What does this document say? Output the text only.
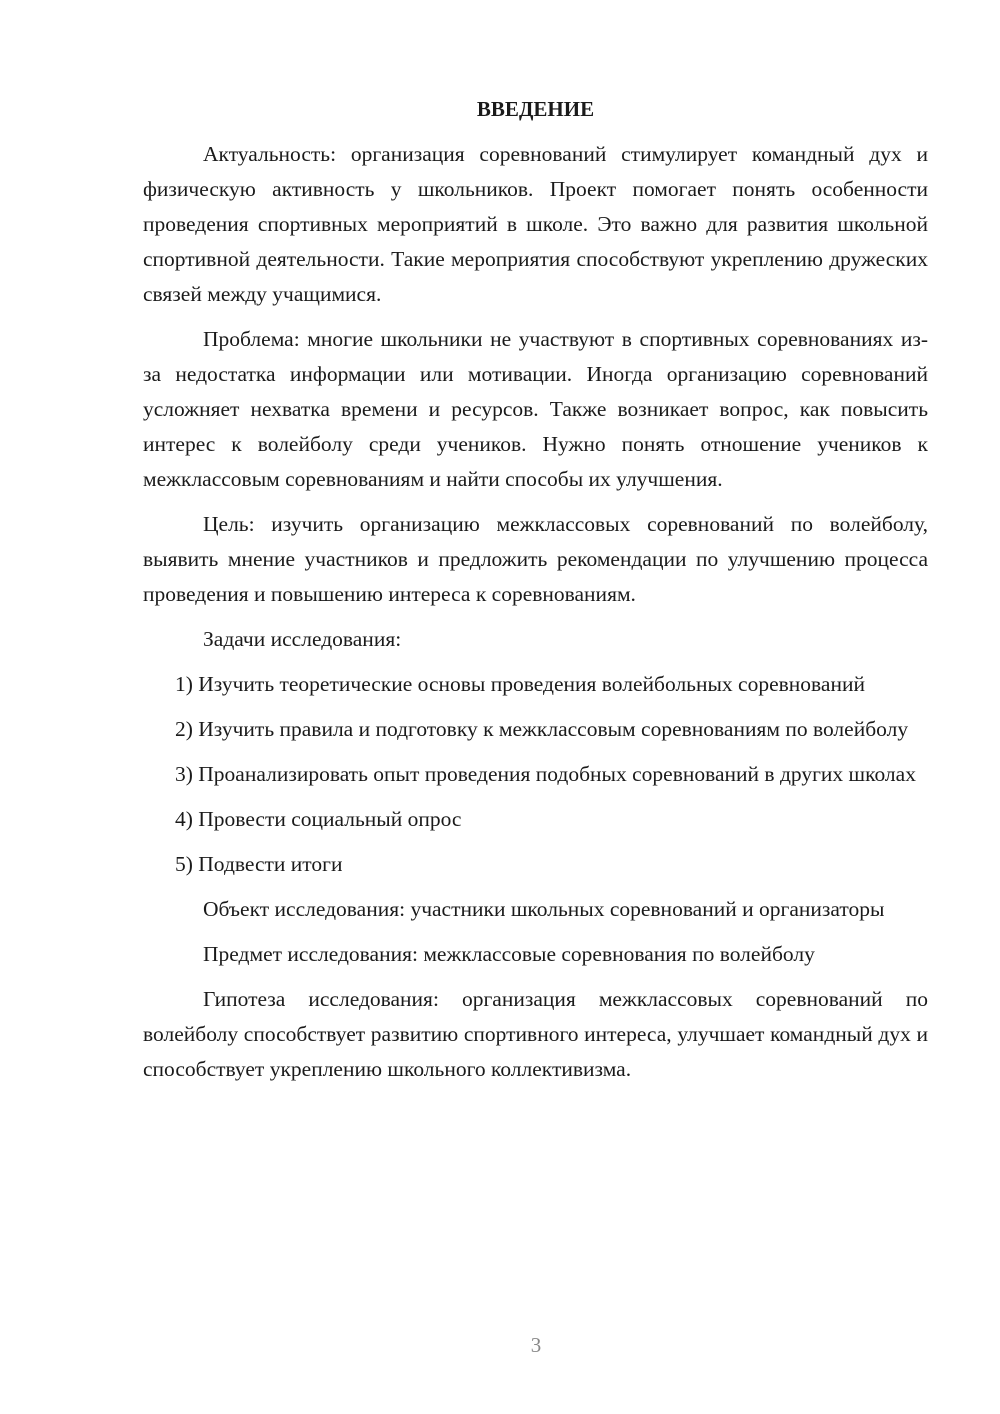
ВВЕДЕНИЕ

Актуальность: организация соревнований стимулирует командный дух и физическую активность у школьников. Проект помогает понять особенности проведения спортивных мероприятий в школе. Это важно для развития школьной спортивной деятельности. Такие мероприятия способствуют укреплению дружеских связей между учащимися.

Проблема: многие школьники не участвуют в спортивных соревнованиях из-за недостатка информации или мотивации. Иногда организацию соревнований усложняет нехватка времени и ресурсов. Также возникает вопрос, как повысить интерес к волейболу среди учеников. Нужно понять отношение учеников к межклассовым соревнованиям и найти способы их улучшения.

Цель: изучить организацию межклассовых соревнований по волейболу, выявить мнение участников и предложить рекомендации по улучшению процесса проведения и повышению интереса к соревнованиям.

Задачи исследования:

1) Изучить теоретические основы проведения волейбольных соревнований

2) Изучить правила и подготовку к межклассовым соревнованиям по волейболу

3) Проанализировать опыт проведения подобных соревнований в других школах

4) Провести социальный опрос

5) Подвести итоги

Объект исследования: участники школьных соревнований и организаторы

Предмет исследования: межклассовые соревнования по волейболу

Гипотеза исследования: организация межклассовых соревнований по волейболу способствует развитию спортивного интереса, улучшает командный дух и способствует укреплению школьного коллективизма.

3
